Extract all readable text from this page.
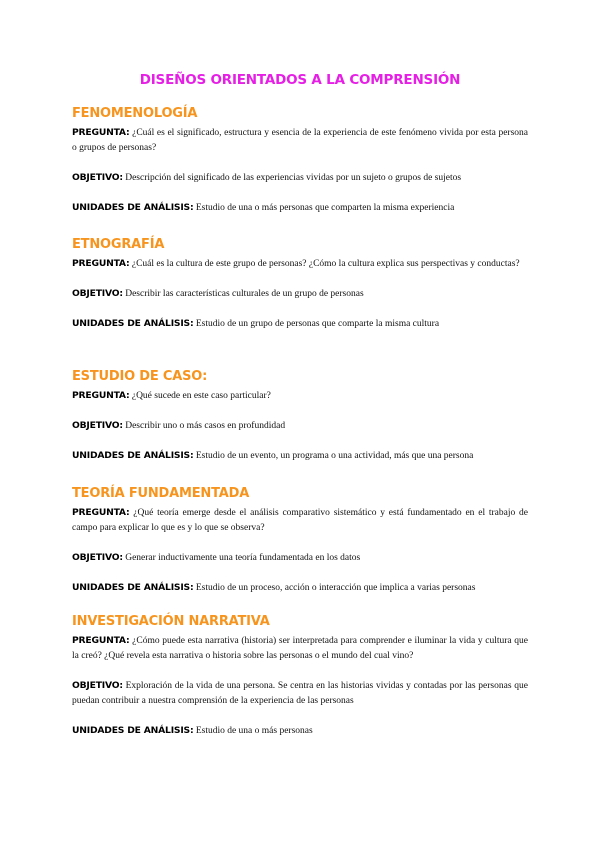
DISEÑOS ORIENTADOS A LA COMPRENSIÓN
FENOMENOLOGÍA

PREGUNTA: ¿Cuál es el significado, estructura y esencia de la experiencia de este fenómeno vivida por esta persona o grupos de personas?

OBJETIVO: Descripción del significado de las experiencias vividas por un sujeto o grupos de sujetos

UNIDADES DE ANÁLISIS: Estudio de una o más personas que comparten la misma experiencia

ETNOGRAFÍA

PREGUNTA: ¿Cuál es la cultura de este grupo de personas? ¿Cómo la cultura explica sus perspectivas y conductas?

OBJETIVO: Describir las características culturales de un grupo de personas

UNIDADES DE ANÁLISIS: Estudio de un grupo de personas que comparte la misma cultura

ESTUDIO DE CASO:

PREGUNTA: ¿Qué sucede en este caso particular?

OBJETIVO: Describir uno o más casos en profundidad

UNIDADES DE ANÁLISIS: Estudio de un evento, un programa o una actividad, más que una persona

TEORÍA FUNDAMENTADA

PREGUNTA: ¿Qué teoría emerge desde el análisis comparativo sistemático y está fundamentado en el trabajo de campo para explicar lo que es y lo que se observa?

OBJETIVO: Generar inductivamente una teoría fundamentada en los datos

UNIDADES DE ANÁLISIS: Estudio de un proceso, acción o interacción que implica a varias personas

INVESTIGACIÓN NARRATIVA

PREGUNTA: ¿Cómo puede esta narrativa (historia) ser interpretada para comprender e iluminar la vida y cultura que la creó? ¿Qué revela esta narrativa o historia sobre las personas o el mundo del cual vino?

OBJETIVO: Exploración de la vida de una persona. Se centra en las historias vividas y contadas por las personas que puedan contribuir a nuestra comprensión de la experiencia de las personas

UNIDADES DE ANÁLISIS: Estudio de una o más personas
